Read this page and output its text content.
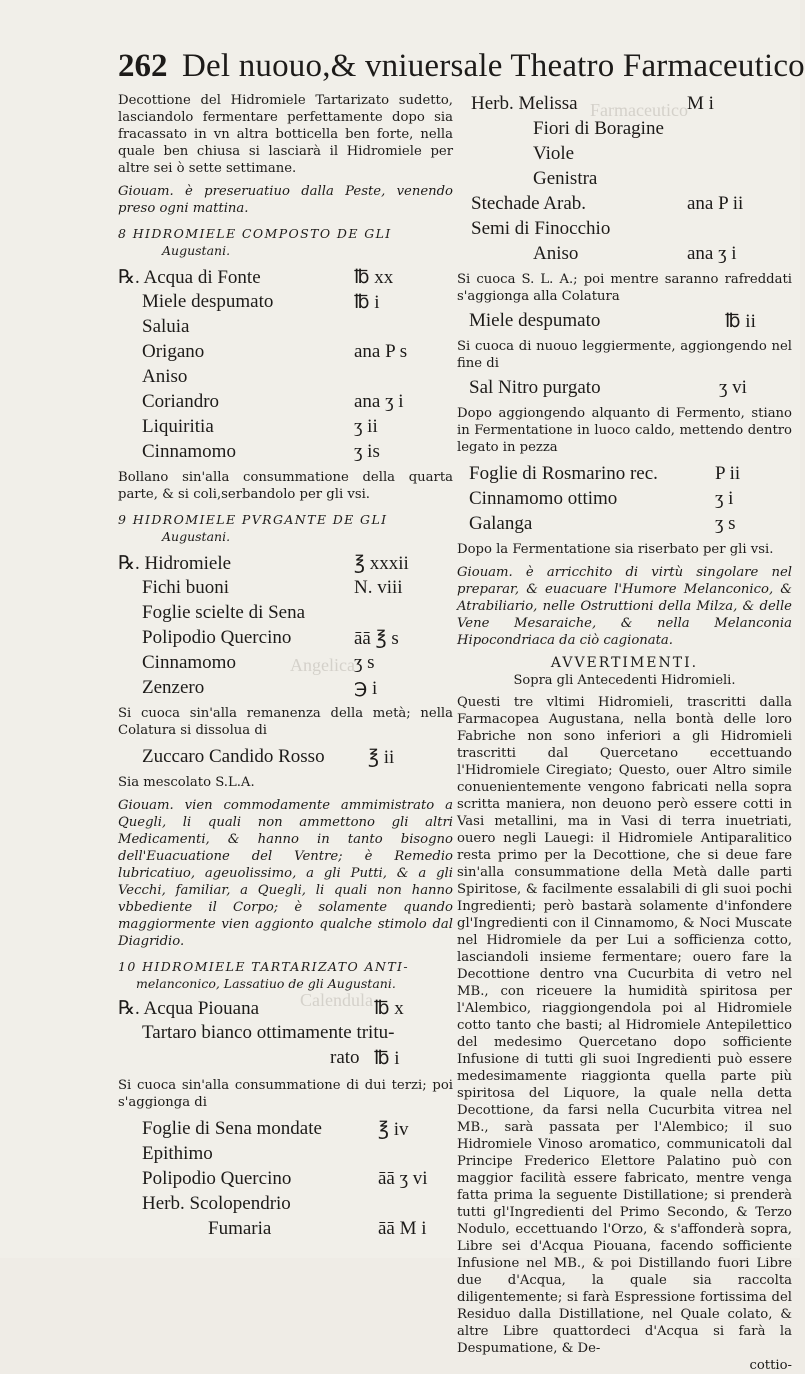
Farmaceutico
Angelica
Calendula
262 Del nuouo,& vniuersale Theatro Farmaceutico

Decottione del Hidromiele Tartarizato sudetto, lasciandolo fermentare perfettamente dopo sia fracassato in vn altra botticella ben forte, nella quale ben chiusa si lasciarà il Hidromiele per altre sei ò sette settimane.

Giouam. è preseruatiuo dalla Peste, venendo preso ogni mattina.

8 HIDROMIELE COMPOSTO DE GLI
Augustani.

℞. Acqua di Fonte	℔ xx
Miele despumato	℔ i
Saluia
Origano	ana P s
Aniso
Coriandro	ana ʒ i
Liquiritia	ʒ ii
Cinnamomo	ʒ is

Bollano sin'alla consummatione della quarta parte, & si coli,serbandolo per gli vsi.

9 HIDROMIELE PVRGANTE DE GLI
Augustani.

℞. Hidromiele	℥ xxxii
Fichi buoni	N. viii
Foglie scielte di Sena
Polipodio Quercino	āā ℥ s
Cinnamomo	ʒ s
Zenzero	℈ i

Si cuoca sin'alla remanenza della metà; nella Colatura si dissolua di

Zuccaro Candido Rosso ℥ ii

Sia mescolato S.L.A.

Giouam. vien commodamente ammimistrato a Quegli, li quali non ammettono gli altri Medicamenti, & hanno in tanto bisogno dell'Euacuatione del Ventre; è Remedio lubricatiuo, ageuolissimo, a gli Putti, & a gli Vecchi, familiar, a Quegli, li quali non hanno vbbediente il Corpo; è solamente quando maggiormente vien aggionto qualche stimolo dal Diagridio.

10 HIDROMIELE TARTARIZATO ANTI-
melanconico, Lassatiuo de gli Augustani.

℞. Acqua Piouana	℔ x
Tartaro bianco ottimamente tritu-
rato ℔ i

Si cuoca sin'alla consummatione di dui terzi; poi s'aggionga di

Foglie di Sena mondate	℥ iv
Epithimo
Polipodio Quercino	āā ʒ vi
Herb. Scolopendrio
Fumaria	āā M i
Herb. Melissa	M i
Fiori di Boragine
Viole
Genistra
Stechade Arab.	ana P ii
Semi di Finocchio
Aniso	ana ʒ i

Si cuoca S. L. A.; poi mentre saranno rafreddati s'aggionga alla Colatura

Miele despumato	℔ ii

Si cuoca di nuouo leggiermente, aggiongendo nel fine di

Sal Nitro purgato	ʒ vi

Dopo aggiongendo alquanto di Fermento, stiano in Fermentatione in luoco caldo, mettendo dentro legato in pezza

Foglie di Rosmarino rec.	P ii
Cinnamomo ottimo	ʒ i
Galanga	ʒ s

Dopo la Fermentatione sia riserbato per gli vsi.

Giouam. è arricchito di virtù singolare nel preparar, & euacuare l'Humore Melanconico, & Atrabiliario, nelle Ostruttioni della Milza, & delle Vene Mesaraiche, & nella Melanconia Hipocondriaca da ciò cagionata.

AVVERTIMENTI.

Sopra gli Antecedenti Hidromieli.

Questi tre vltimi Hidromieli, trascritti dalla Farmacopea Augustana, nella bontà delle loro Fabriche non sono inferiori a gli Hidromieli trascritti dal Quercetano eccettuando l'Hidromiele Ciregiato; Questo, ouer Altro simile conuenientemente vengono fabricati nella sopra scritta maniera, non deuono però essere cotti in Vasi metallini, ma in Vasi di terra inuetriati, ouero negli Lauegi: il Hidromiele Antiparalitico resta primo per la Decottione, che si deue fare sin'alla consummatione della Metà dalle parti Spiritose, & facilmente essalabili di gli suoi pochi Ingredienti; però bastarà solamente d'infondere gl'Ingredienti con il Cinnamomo, & Noci Muscate nel Hidromiele da per Lui a sofficienza cotto, lasciandoli insieme fermentare; ouero fare la Decottione dentro vna Cucurbita di vetro nel MB., con riceuere la humidità spiritosa per l'Alembico, riaggiongendola poi al Hidromiele cotto tanto che basti; al Hidromiele Antepilettico del medesimo Quercetano dopo sofficiente Infusione di tutti gli suoi Ingredienti può essere medesimamente riaggionta quella parte più spiritosa del Liquore, la quale nella detta Decottione, da farsi nella Cucurbita vitrea nel MB., sarà passata per l'Alembico; il suo Hidromiele Vinoso aromatico, communicatoli dal Principe Frederico Elettore Palatino può con maggior facilità essere fabricato, mentre venga fatta prima la seguente Distillatione; si prenderà tutti gl'Ingredienti del Primo Secondo, & Terzo Nodulo, eccettuando l'Orzo, & s'affonderà sopra, Libre sei d'Acqua Piouana, facendo sofficiente Infusione nel MB., & poi Distillando fuori Libre due d'Acqua, la quale sia raccolta diligentemente; si farà Espressione fortissima del Residuo dalla Distillatione, nel Quale colato, & altre Libre quattordeci d'Acqua si farà la Despumatione, & De-

cottio-
